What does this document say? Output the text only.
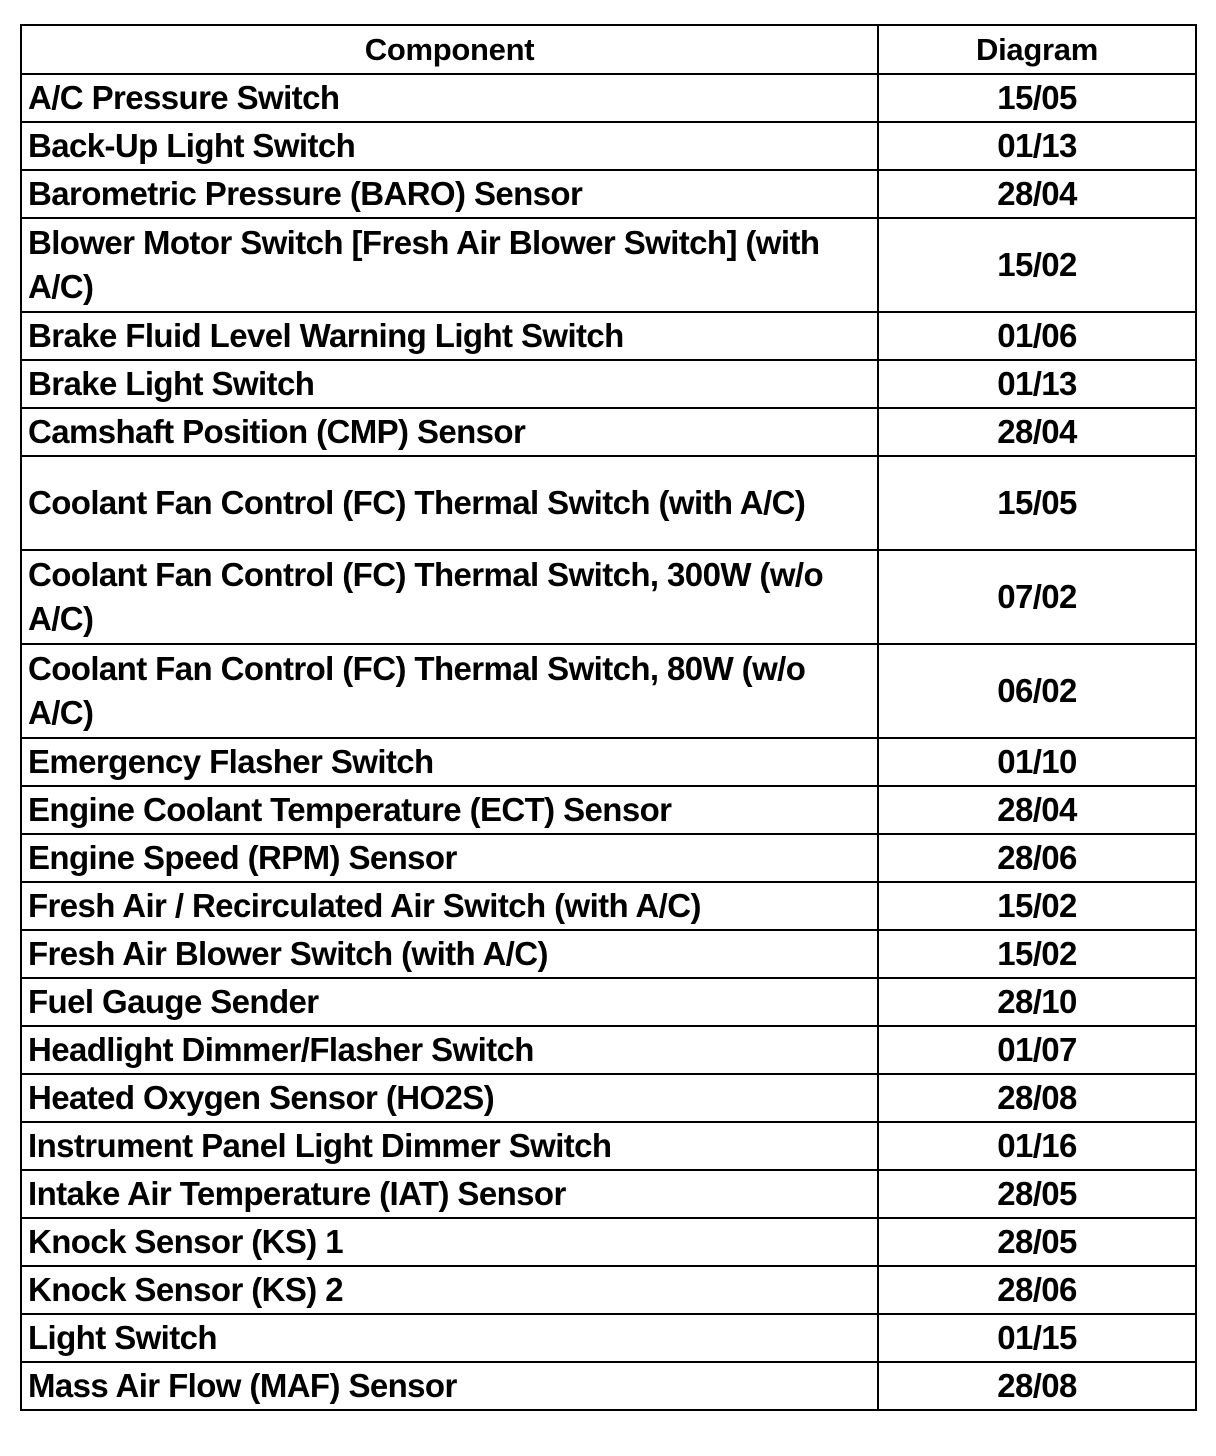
Component	Diagram
A/C Pressure Switch	15/05
Back-Up Light Switch	01/13
Barometric Pressure (BARO) Sensor	28/04
Blower Motor Switch [Fresh Air Blower Switch] (with A/C)	15/02
Brake Fluid Level Warning Light Switch	01/06
Brake Light Switch	01/13
Camshaft Position (CMP) Sensor	28/04
Coolant Fan Control (FC) Thermal Switch (with A/C)	15/05
Coolant Fan Control (FC) Thermal Switch, 300W (w/o A/C)	07/02
Coolant Fan Control (FC) Thermal Switch, 80W (w/o A/C)	06/02
Emergency Flasher Switch	01/10
Engine Coolant Temperature (ECT) Sensor	28/04
Engine Speed (RPM) Sensor	28/06
Fresh Air / Recirculated Air Switch (with A/C)	15/02
Fresh Air Blower Switch (with A/C)	15/02
Fuel Gauge Sender	28/10
Headlight Dimmer/Flasher Switch	01/07
Heated Oxygen Sensor (HO2S)	28/08
Instrument Panel Light Dimmer Switch	01/16
Intake Air Temperature (IAT) Sensor	28/05
Knock Sensor (KS) 1	28/05
Knock Sensor (KS) 2	28/06
Light Switch	01/15
Mass Air Flow (MAF) Sensor	28/08
